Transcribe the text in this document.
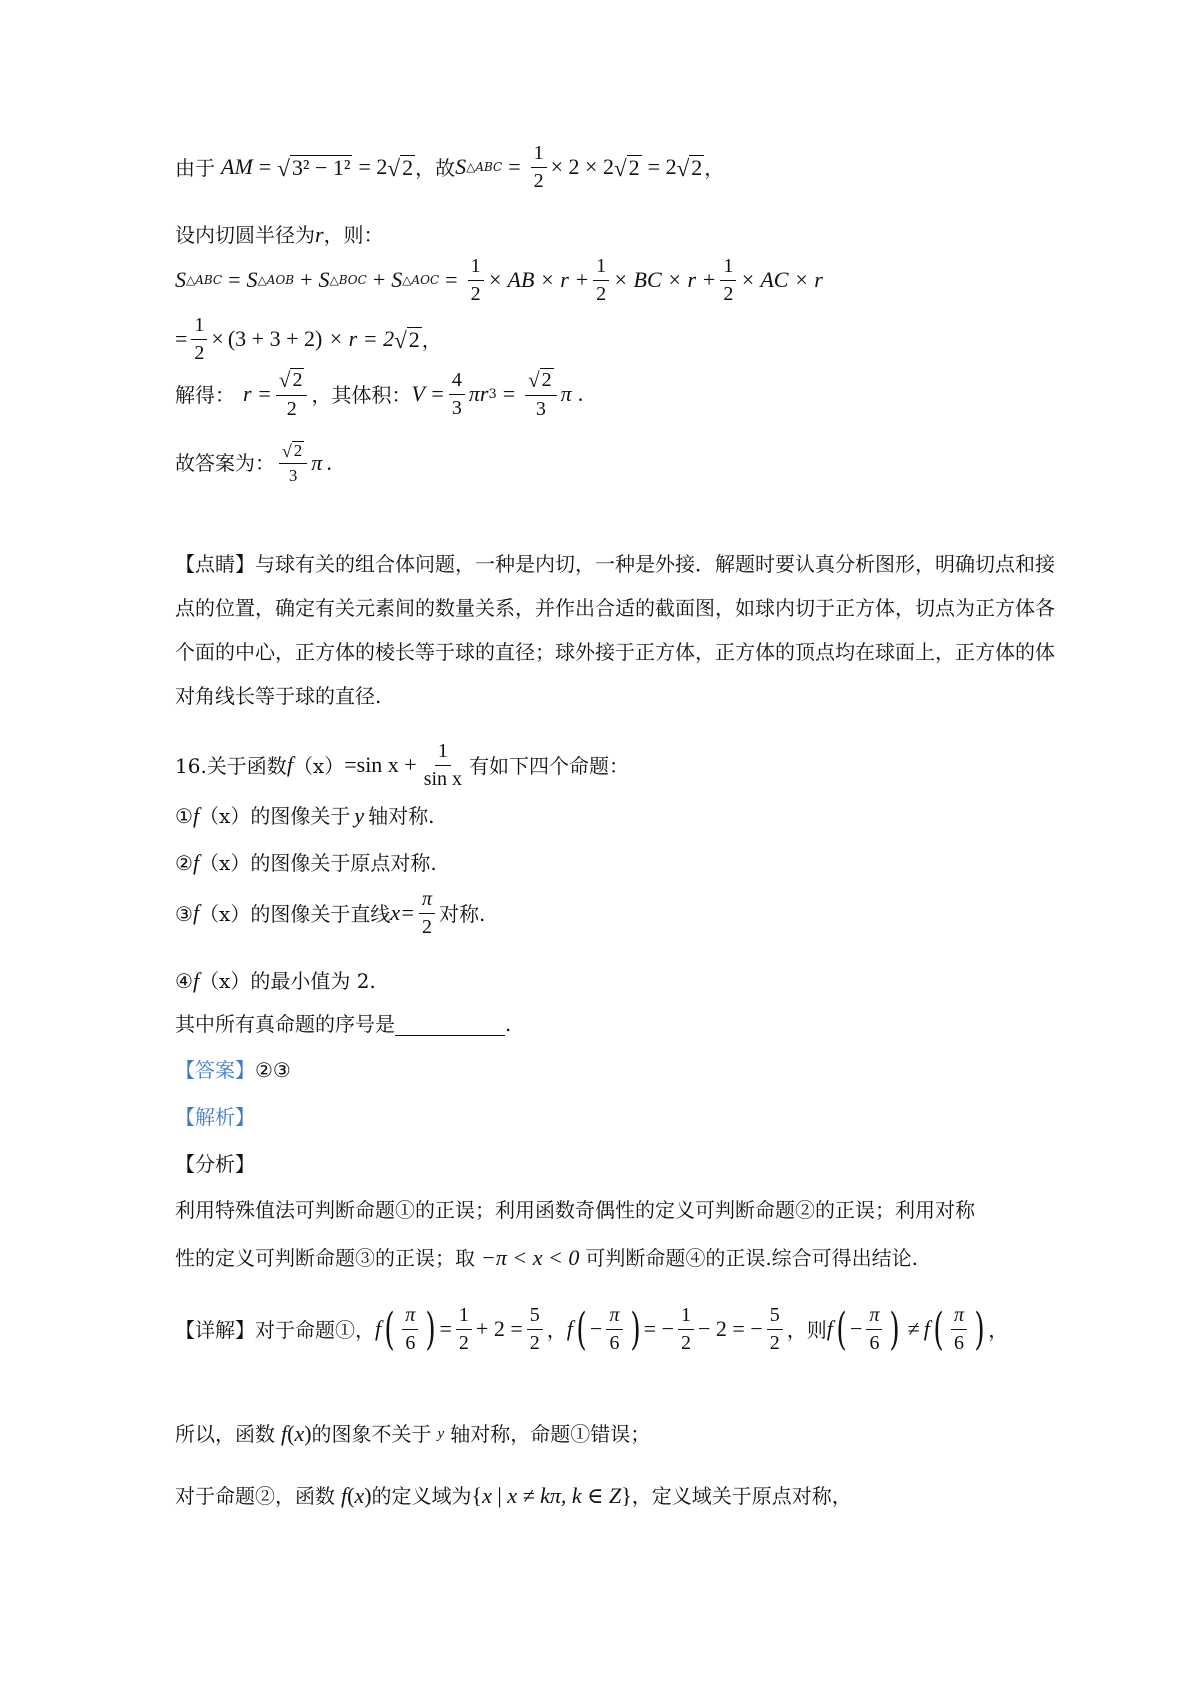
由于 AM = √ 3² − 1² = 2 √ 2 ，故 S △ABC = $\frac{1}{2} \times 2 \times 2$ √ 2 = 2 √ 2 ，
设内切圆半径为 r ，则：
S △ABC = S △AOB + S △BOC + S △AOC = $\frac{1}{2}$ × AB × $r + \frac{1}{2}$ × BC × $r + \frac{1}{2}$ × AC × r
= $\frac{1}{2} \times (3 + 3 + 2) \times r = 2$ √ 2 ，
解得： $r = \frac{√ 2}{2}$ ，其体积： $V = \frac{4}{3}$ πr $3 = \frac{√ 2}{3}$ π .
故答案为： $\frac{√ 2}{3}$ π .
【点睛】与球有关的组合体问题，一种是内切，一种是外接．解题时要认真分析图形，明确切点和接点的位置，确定有关元素间的数量关系，并作出合适的截面图，如球内切于正方体，切点为正方体各个面的中心，正方体的棱长等于球的直径；球外接于正方体，正方体的顶点均在球面上，正方体的体对角线长等于球的直径.
16.关于函数 f （x） =sin $x + \frac{1}{\text{sin x}}$ 有如下四个命题：
① f （x） 的图像关于 y 轴对称.
② f （x） 的图像关于原点对称.
③ f （x） 的图像关于直线 $x= \frac{\pi}{2}$ 对称.
④ f （x） 的最小值为 2.
其中所有真命题的序号是	.
【答案】 ②③
【解析】
【分析】
利用特殊值法可判断命题①的正误；利用函数奇偶性的定义可判断命题②的正误；利用对称
性的定义可判断命题③的正误；取 −π < x < 0 可判断命题④的正误.综合可得出结论.
【详解】 对于命题①， f ( $\frac{\pi}{6}$ ) = $\frac{1}{2} + 2 = \frac{5}{2}$ ， f ( − $\frac{\pi}{6}$ ) = − $\frac{1}{2} - 2$ = − $\frac{5}{2}$ ，则 f ( − $\frac{\pi}{6}$ ) ≠ f ( $\frac{\pi}{6}$ ) ，
所以，函数 f (x) 的图象不关于 y 轴对称，命题①错误；
对于命题②，函数 f (x) 的定义域为 {x | x ≠ kπ, k ∈ Z} ，定义域关于原点对称，
